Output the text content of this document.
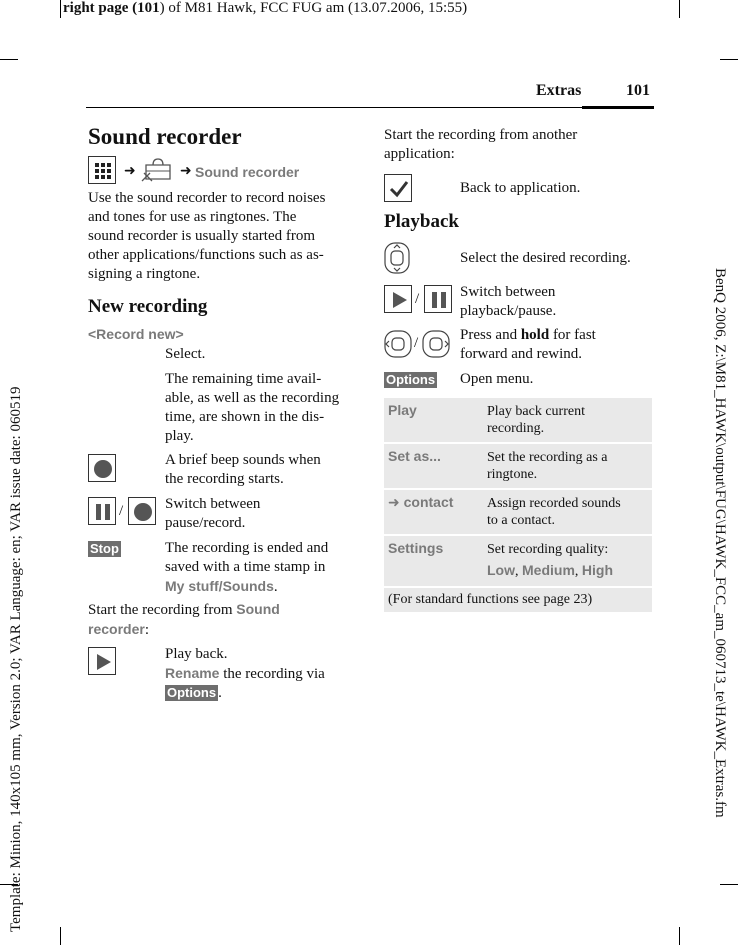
right page (101) of M81 Hawk, FCC FUG am (13.07.2006, 15:55)
Template: Minion, 140x105 mm, Version 2.0; VAR Language: en; VAR issue date: 060519	BenQ 2006, Z:\M81_HAWK\output\FUG\HAWK_FCC_am_060713_te\HAWK_Extras.fm
Extras	101
Sound recorder
➜	➜ Sound recorder
Use the sound recorder to record noises
and tones for use as ringtones. The
sound recorder is usually started from
other applications/functions such as as-
signing a ringtone.
New recording
<Record new>
Select.
The remaining time avail-
able, as well as the recording
time, are shown in the dis-
play.
A brief beep sounds when
the recording starts.
/	Switch between
pause/record.
Stop	The recording is ended and
saved with a time stamp in
My stuff/Sounds.
Start the recording from Sound
recorder:
Play back.
Rename the recording via
Options .
Start the recording from another
application:
Back to application.
Playback
Select the desired recording.
/	Switch between
playback/pause.
/	Press and hold for fast
forward and rewind.
Options Open menu.
Play	Play back current
recording.
Set as...	Set the recording as a
ringtone.
➜ contact Assign recorded sounds
to a contact.
Settings	Set recording quality:
Low, Medium, High
(For standard functions see page 23)
